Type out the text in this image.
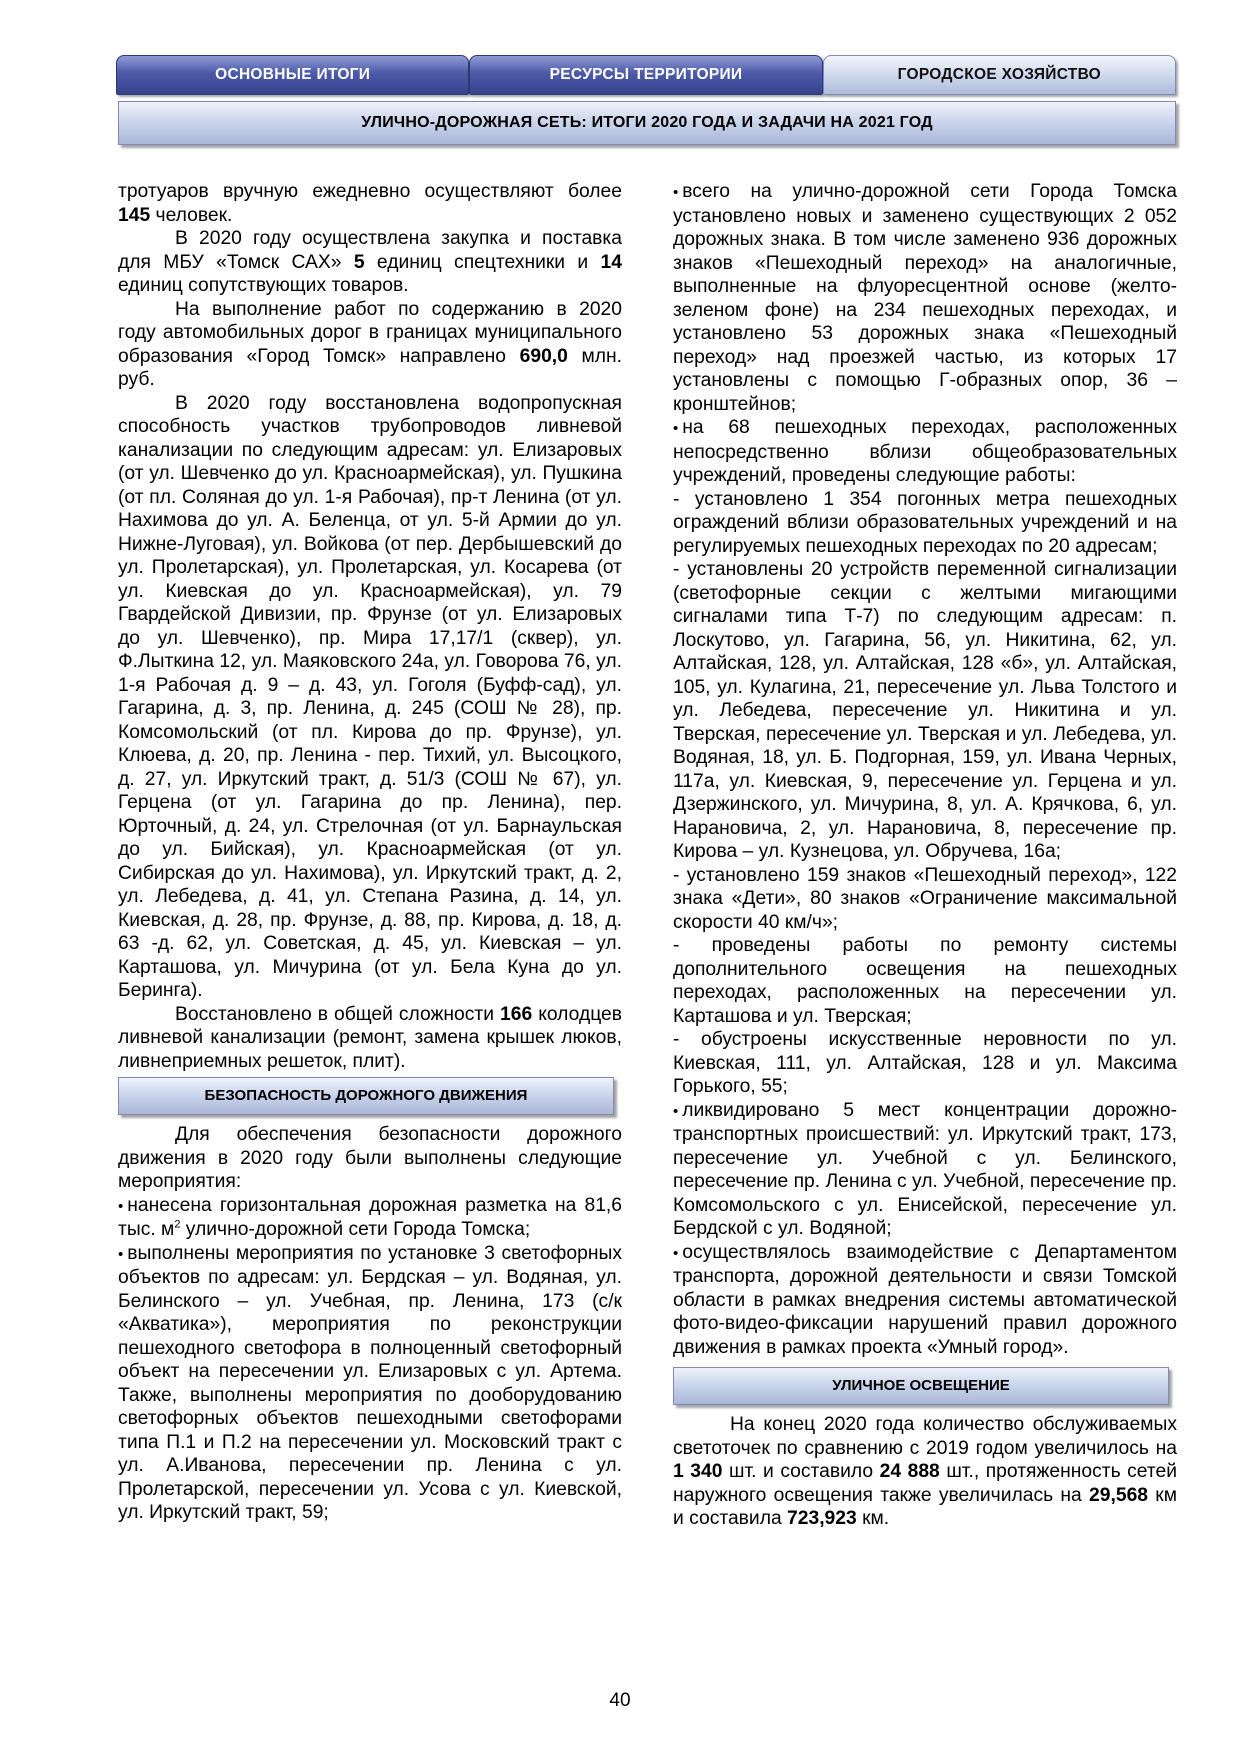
ОСНОВНЫЕ ИТОГИ	РЕСУРСЫ ТЕРРИТОРИИ	ГОРОДСКОЕ ХОЗЯЙСТВО
УЛИЧНО-ДОРОЖНАЯ СЕТЬ: ИТОГИ 2020 ГОДА И ЗАДАЧИ НА 2021 ГОД

тротуаров вручную ежедневно осуществляют более 145 человек.

В 2020 году осуществлена закупка и поставка для МБУ «Томск САХ» 5 единиц спецтехники и 14 единиц сопутствующих товаров.

На выполнение работ по содержанию в 2020 году автомобильных дорог в границах муниципального образования «Город Томск» направлено 690,0 млн. руб.

В 2020 году восстановлена водопропускная способность участков трубопроводов ливневой канализации по следующим адресам: ул. Елизаровых (от ул. Шевченко до ул. Красноармейская), ул. Пушкина (от пл. Соляная до ул. 1-я Рабочая), пр-т Ленина (от ул. Нахимова до ул. А. Беленца, от ул. 5-й Армии до ул. Нижне-Луговая), ул. Войкова (от пер. Дербышевский до ул. Пролетарская), ул. Пролетарская, ул. Косарева (от ул. Киевская до ул. Красноармейская), ул. 79 Гвардейской Дивизии, пр. Фрунзе (от ул. Елизаровых до ул. Шевченко), пр. Мира 17,17/1 (сквер), ул. Ф.Лыткина 12, ул. Маяковского 24а, ул. Говорова 76, ул. 1-я Рабочая д. 9 – д. 43, ул. Гоголя (Буфф-сад), ул. Гагарина, д. 3, пр. Ленина, д. 245 (СОШ № 28), пр. Комсомольский (от пл. Кирова до пр. Фрунзе), ул. Клюева, д. 20, пр. Ленина - пер. Тихий, ул. Высоцкого, д. 27, ул. Иркутский тракт, д. 51/3 (СОШ № 67), ул. Герцена (от ул. Гагарина до пр. Ленина), пер. Юрточный, д. 24, ул. Стрелочная (от ул. Барнаульская до ул. Бийская), ул. Красноармейская (от ул. Сибирская до ул. Нахимова), ул. Иркутский тракт, д. 2, ул. Лебедева, д. 41, ул. Степана Разина, д. 14, ул. Киевская, д. 28, пр. Фрунзе, д. 88, пр. Кирова, д. 18, д. 63 -д. 62, ул. Советская, д. 45, ул. Киевская – ул. Карташова, ул. Мичурина (от ул. Бела Куна до ул. Беринга).

Восстановлено в общей сложности 166 колодцев ливневой канализации (ремонт, замена крышек люков, ливнеприемных решеток, плит).

БЕЗОПАСНОСТЬ ДОРОЖНОГО ДВИЖЕНИЯ

Для обеспечения безопасности дорожного движения в 2020 году были выполнены следующие мероприятия:

• нанесена горизонтальная дорожная разметка на 81,6 тыс. $м^2$ улично-дорожной сети Города Томска;

• выполнены мероприятия по установке 3 светофорных объектов по адресам: ул. Бердская – ул. Водяная, ул. Белинского – ул. Учебная, пр. Ленина, 173 (с/к «Акватика»), мероприятия по реконструкции пешеходного светофора в полноценный светофорный объект на пересечении ул. Елизаровых с ул. Артема. Также, выполнены мероприятия по дооборудованию светофорных объектов пешеходными светофорами типа П.1 и П.2 на пересечении ул. Московский тракт с ул. А.Иванова, пересечении пр. Ленина с ул. Пролетарской, пересечении ул. Усова с ул. Киевской, ул. Иркутский тракт, 59;

• всего на улично-дорожной сети Города Томска установлено новых и заменено существующих 2 052 дорожных знака. В том числе заменено 936 дорожных знаков «Пешеходный переход» на аналогичные, выполненные на флуоресцентной основе (желто-зеленом фоне) на 234 пешеходных переходах, и установлено 53 дорожных знака «Пешеходный переход» над проезжей частью, из которых 17 установлены с помощью Г-образных опор, 36 – кронштейнов;

• на 68 пешеходных переходах, расположенных непосредственно вблизи общеобразовательных учреждений, проведены следующие работы:

- установлено 1 354 погонных метра пешеходных ограждений вблизи образовательных учреждений и на регулируемых пешеходных переходах по 20 адресам;

- установлены 20 устройств переменной сигнализации (светофорные секции с желтыми мигающими сигналами типа Т-7) по следующим адресам: п. Лоскутово, ул. Гагарина, 56, ул. Никитина, 62, ул. Алтайская, 128, ул. Алтайская, 128 «б», ул. Алтайская, 105, ул. Кулагина, 21, пересечение ул. Льва Толстого и ул. Лебедева, пересечение ул. Никитина и ул. Тверская, пересечение ул. Тверская и ул. Лебедева, ул. Водяная, 18, ул. Б. Подгорная, 159, ул. Ивана Черных, 117а, ул. Киевская, 9, пересечение ул. Герцена и ул. Дзержинского, ул. Мичурина, 8, ул. А. Крячкова, 6, ул. Нарановича, 2, ул. Нарановича, 8, пересечение пр. Кирова – ул. Кузнецова, ул. Обручева, 16а;

- установлено 159 знаков «Пешеходный переход», 122 знака «Дети», 80 знаков «Ограничение максимальной скорости 40 км/ч»;

- проведены работы по ремонту системы дополнительного освещения на пешеходных переходах, расположенных на пересечении ул. Карташова и ул. Тверская;

- обустроены искусственные неровности по ул. Киевская, 111, ул. Алтайская, 128 и ул. Максима Горького, 55;

• ликвидировано 5 мест концентрации дорожно-транспортных происшествий: ул. Иркутский тракт, 173, пересечение ул. Учебной с ул. Белинского, пересечение пр. Ленина с ул. Учебной, пересечение пр. Комсомольского с ул. Енисейской, пересечение ул. Бердской с ул. Водяной;

• осуществлялось взаимодействие с Департаментом транспорта, дорожной деятельности и связи Томской области в рамках внедрения системы автоматической фото-видео-фиксации нарушений правил дорожного движения в рамках проекта «Умный город».

УЛИЧНОЕ ОСВЕЩЕНИЕ

На конец 2020 года количество обслуживаемых светоточек по сравнению с 2019 годом увеличилось на 1 340 шт. и составило 24 888 шт., протяженность сетей наружного освещения также увеличилась на 29,568 км и составила 723,923 км.

40
